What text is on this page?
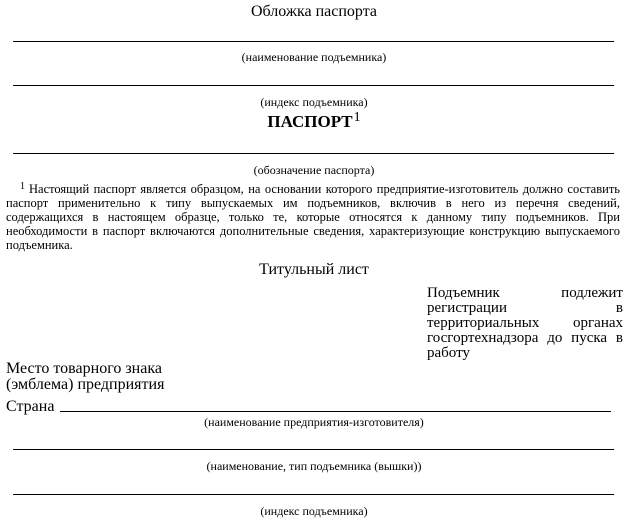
Обложка паспорта
(наименование подъемника)
(индекс подъемника)
ПАСПОРТ$^1$
(обозначение паспорта)
$^1$ Настоящий паспорт является образцом, на основании которого предприятие-изготовитель должно составить паспорт применительно к типу выпускаемых им подъемников, включив в него из перечня сведений, содержащихся в настоящем образце, только те, которые относятся к данному типу подъемников. При необходимости в паспорт включаются дополнительные сведения, характеризующие конструкцию выпускаемого подъемника.
Титульный лист
Подъемник подлежит
регистрации в
территориальных органах
госгортехнадзора до пуска в
работу
Место товарного знака
(эмблема) предприятия
Страна
(наименование предприятия-изготовителя)
(наименование, тип подъемника (вышки))
(индекс подъемника)
